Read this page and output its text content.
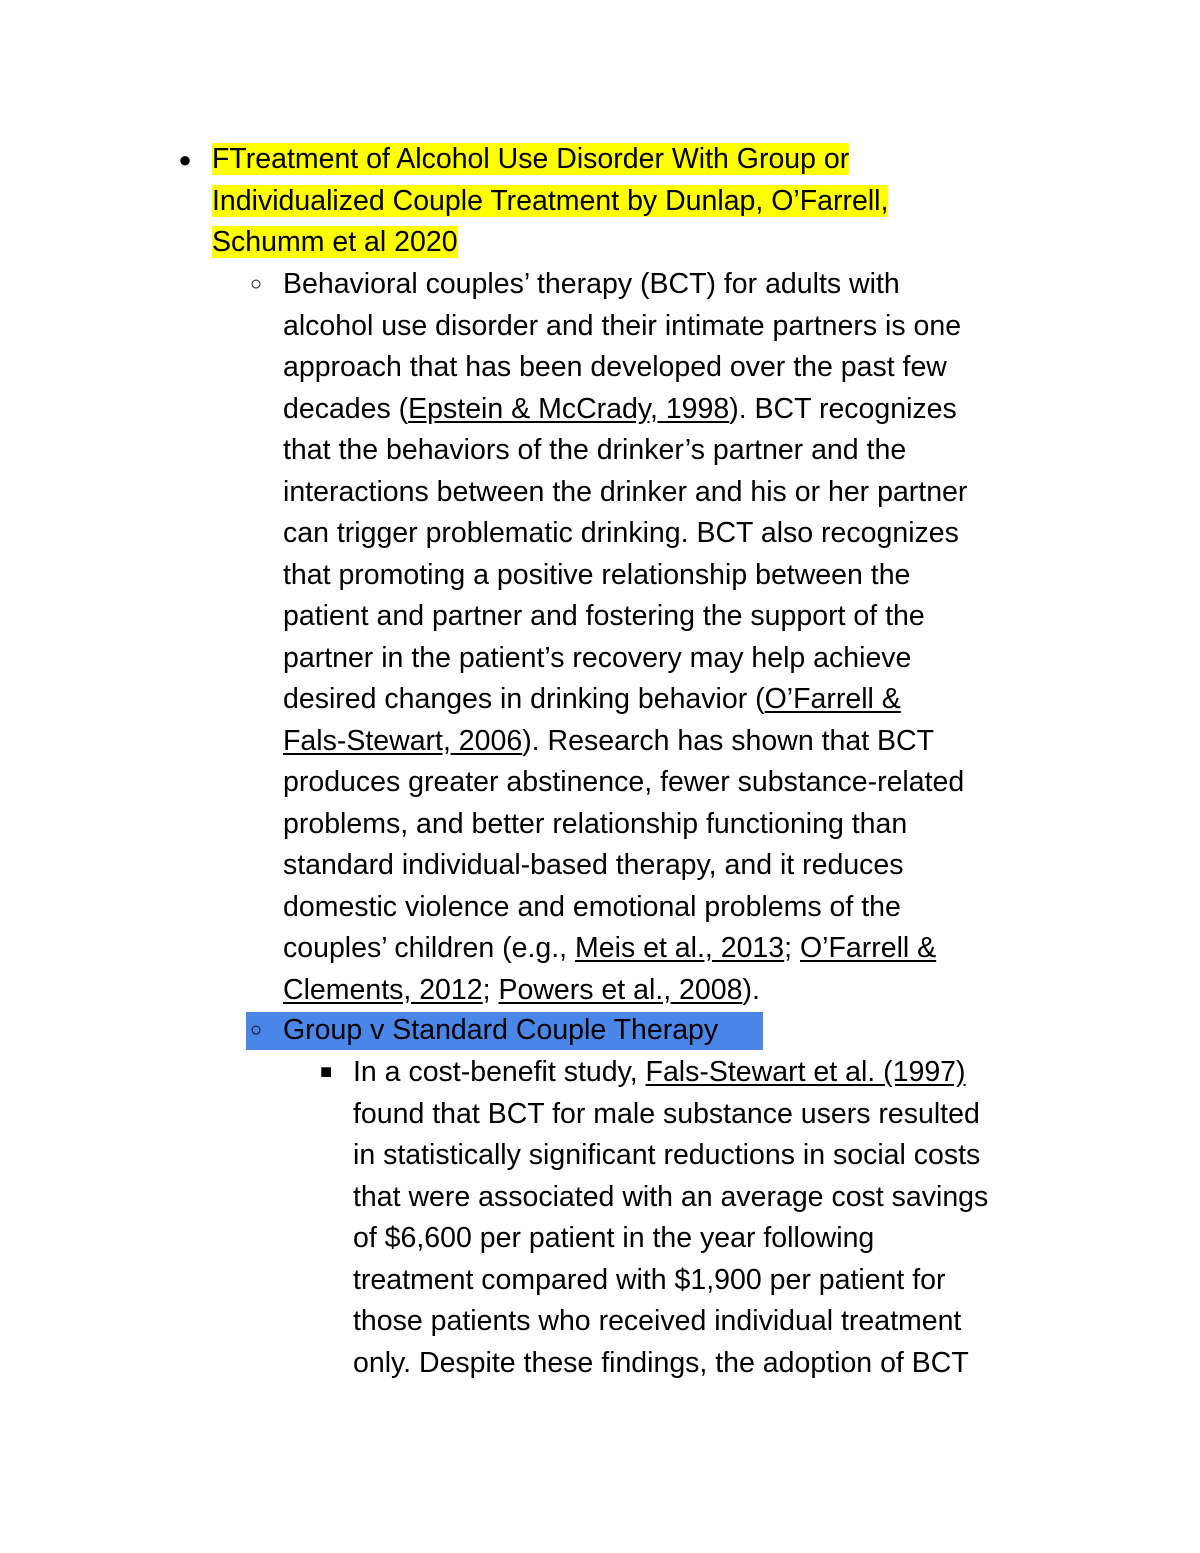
● FTreatment of Alcohol Use Disorder With Group or
Individualized Couple Treatment by Dunlap, O’Farrell,
Schumm et al 2020
○ Behavioral couples’ therapy (BCT) for adults with
alcohol use disorder and their intimate partners is one
approach that has been developed over the past few
decades (Epstein & McCrady, 1998). BCT recognizes
that the behaviors of the drinker’s partner and the
interactions between the drinker and his or her partner
can trigger problematic drinking. BCT also recognizes
that promoting a positive relationship between the
patient and partner and fostering the support of the
partner in the patient’s recovery may help achieve
desired changes in drinking behavior (O’Farrell &
Fals-Stewart, 2006). Research has shown that BCT
produces greater abstinence, fewer substance-related
problems, and better relationship functioning than
standard individual-based therapy, and it reduces
domestic violence and emotional problems of the
couples’ children (e.g., Meis et al., 2013; O’Farrell &
Clements, 2012; Powers et al., 2008).
○ Group v Standard Couple Therapy
■ In a cost-benefit study, Fals-Stewart et al. (1997)
found that BCT for male substance users resulted
in statistically significant reductions in social costs
that were associated with an average cost savings
of $6,600 per patient in the year following
treatment compared with $1,900 per patient for
those patients who received individual treatment
only. Despite these findings, the adoption of BCT
